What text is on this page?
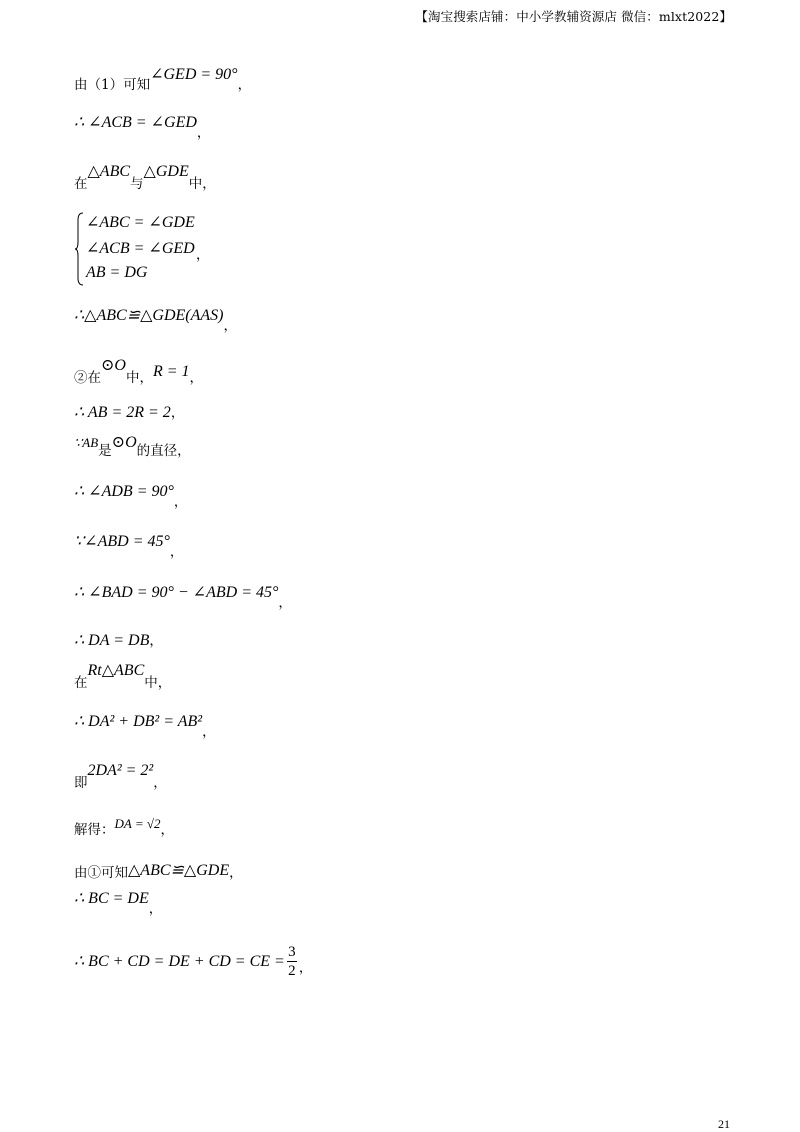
【淘宝搜索店铺：中小学教辅资源店 微信：mlxt2022】
由（1）可知
∠GED = 90°
，
∴ ∠ACB = ∠GED
，
在
△ABC
与
△GDE
中，
∠ABC = ∠GDE
∠ACB = ∠GED
AB = DG
，
∴△ABC≌△GDE(AAS)
，
②在
⊙O
中， R = 1 ，
∴ AB = 2R = 2 ，
∵AB
是 ⊙O 的直径，
∴ ∠ADB = 90°
，
∵∠ABD = 45°
，
∴ ∠BAD = 90° − ∠ABD = 45°
，
∴ DA = DB ，
在
Rt△ABC
中，
∴ DA² + DB² = AB²
，
即
2DA² = 2²
，
解得： DA = √2 ，
由①可知 △ABC≌△GDE ，
∴ BC = DE
，
∴ BC + CD = DE + CD = CE = $\frac{3}{2}$ ，
21
